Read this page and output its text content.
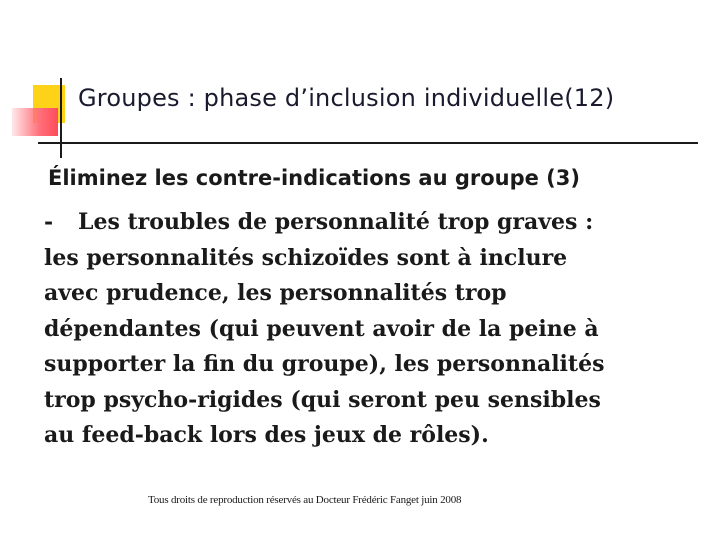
Groupes : phase d’inclusion individuelle(12)
Éliminez les contre-indications au groupe (3)
- Les troubles de personnalité trop graves :
les personnalités schizoïdes sont à inclure
avec prudence, les personnalités trop
dépendantes (qui peuvent avoir de la peine à
supporter la fin du groupe), les personnalités
trop psycho-rigides (qui seront peu sensibles
au feed-back lors des jeux de rôles).
Tous droits de reproduction réservés au Docteur Frédéric Fanget juin 2008
